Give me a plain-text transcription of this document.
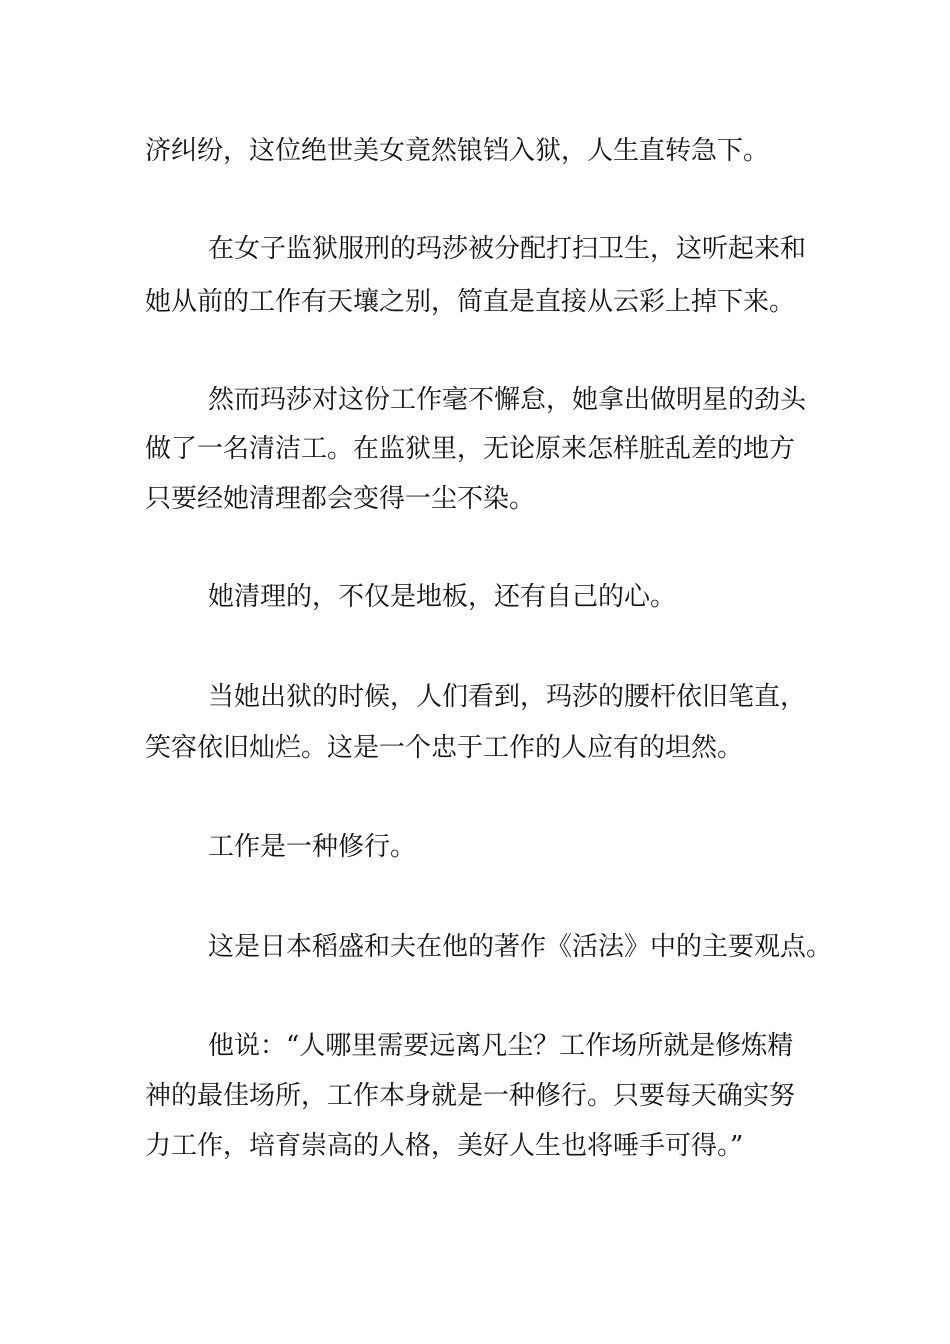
济纠纷，这位绝世美女竟然锒铛入狱，人生直转急下。
在女子监狱服刑的玛莎被分配打扫卫生，这听起来和
她从前的工作有天壤之别，简直是直接从云彩上掉下来。
然而玛莎对这份工作毫不懈怠，她拿出做明星的劲头
做了一名清洁工。在监狱里，无论原来怎样脏乱差的地方
只要经她清理都会变得一尘不染。
她清理的，不仅是地板，还有自己的心。
当她出狱的时候，人们看到，玛莎的腰杆依旧笔直，
笑容依旧灿烂。这是一个忠于工作的人应有的坦然。
工作是一种修行。
这是日本稻盛和夫在他的著作《活法》中的主要观点。
他说：“人哪里需要远离凡尘？工作场所就是修炼精
神的最佳场所，工作本身就是一种修行。只要每天确实努
力工作，培育崇高的人格，美好人生也将唾手可得。”
